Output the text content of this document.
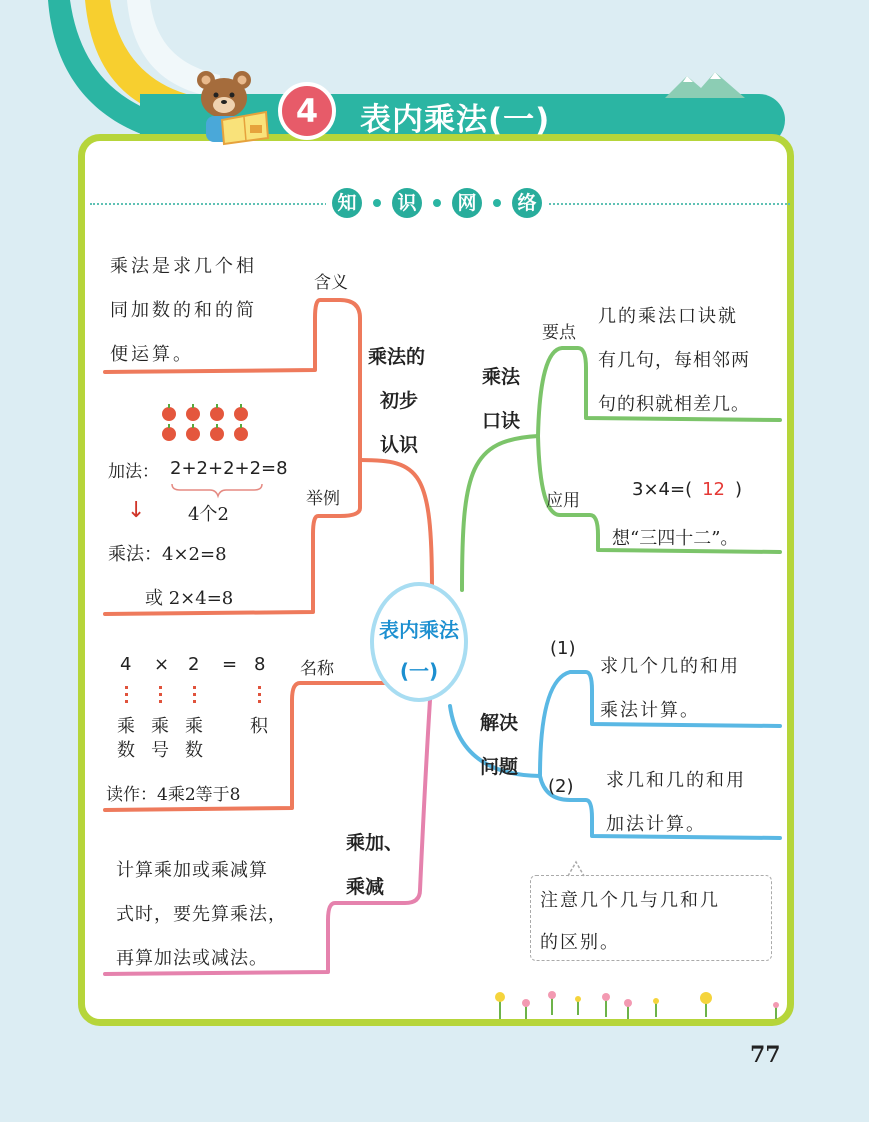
4	表内乘法(一)
知 识 网 络
表内乘法
(一)
乘法的
初步
认识
含义
乘法是求几个相
同加数的和的简
便运算。
举例
加法： 2+2+2+2=8
4个2
↓
乘法：4×2=8
或 2×4=8
名称
4 × 2 = 8
乘
数
乘
号
乘
数
积
读作：4乘2等于8
乘加、
乘减
计算乘加或乘减算
式时，要先算乘法，
再算加法或减法。
乘法
口诀
要点
几的乘法口诀就
有几句，每相邻两
句的积就相差几。
应用
3×4=( 12 )
想“三四十二”。
解决
问题
(1)
求几个几的和用
乘法计算。
(2) 求几和几的和用
加法计算。
注意几个几与几和几
的区别。
77
